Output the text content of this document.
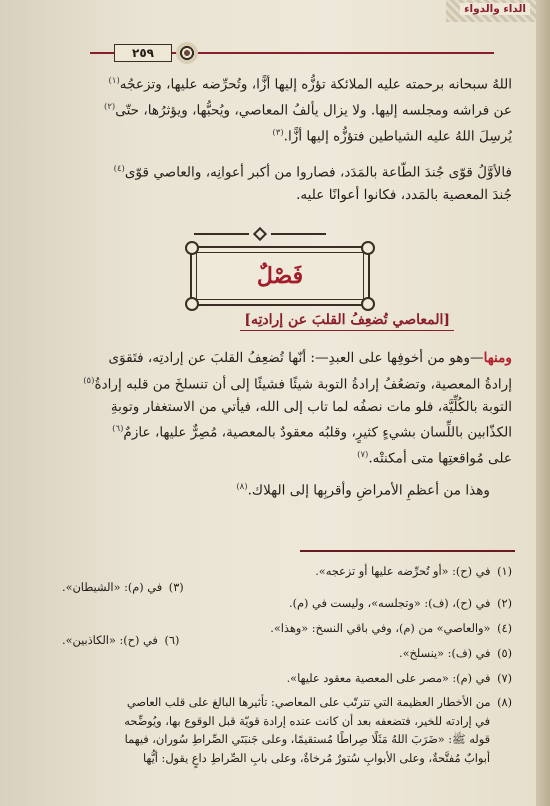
الداء والدواء
٢٥٩
اللهُ سبحانه برحمته عليه الملائكة تؤزُّه إليها أزًّا، وتُحرِّضه عليها، وتزعجُه$^{(١)}$
عن فراشه ومجلسه إليها. ولا يزال يألفُ المعاصي، ويُحبُّها، ويؤثرُها، حتّى$^{(٢)}$
يُرسِلَ اللهُ عليه الشياطين فتؤزُّه إليها أزًّا.$^{(٣)}$
فالأوَّلُ قوّى جُندَ الطّاعة بالمَدَد، فصاروا من أكبر أعوانِه، والعاصي قوّى$^{(٤)}$
جُندَ المعصية بالمَدد، فكانوا أعوانًا عليه.
فَصْلٌ
[المعاصي تُضعِفُ القلبَ عن إرادتِه]
ومنها—وهو من أخوفِها على العبدِ—: أنّها تُضعِفُ القلبَ عن إرادتِه، فتَقوَى
إرادةُ المعصية، وتضعُفُ إرادةُ التوبة شيئًا فشيئًا إلى أن تنسلخَ من قلبه إرادةُ$^{(٥)}$
التوبة بالكُلِّيَّة، فلو مات نصفُه لما تاب إلى الله، فيأتي من الاستغفار وتوبةِ
الكذّابين باللِّسان بشيءٍ كثيرٍ، وقلبُه معقودٌ بالمعصية، مُصِرٌّ عليها، عازمٌ$^{(٦)}$
على مُواقعتِها متى أمكنتْه.$^{(٧)}$
وهذا من أعظمِ الأمراضِ وأقربِها إلى الهلاك.$^{(٨)}$
(١) في (ح): «أو تُحرِّضه عليها أو تزعجه».
(٣) في (م): «الشيطان».
(٢) في (ح)، (ف): «وتجلسه»، وليست في (م).
(٤) «والعاصي» من (م)، وفي باقي النسخ: «وهذا».
(٥) في (ف): «ينسلخ».
(٦) في (ح): «الكاذبين».
(٧) في (م): «مصر على المعصية معقود عليها».
(٨) من الأخطار العظيمة التي تترتّب على المعاصي: تأثيرها البالغ على قلب العاصي
في إرادته للخير، فتضعفه بعد أن كانت عنده إرادة قويّة قبل الوقوع بها، ويُوضِّحه
قوله ﷺ: «ضَرَبَ اللهُ مَثَلًا صِراطًا مُستقيمًا، وعلى جَنبَتَي الصِّراطِ سُوران، فيهما
أبوابٌ مُفتَّحةٌ، وعلى الأبوابِ سُتورٌ مُرخاةٌ، وعلى بابِ الصِّراطِ داعٍ يقول: أيُّها
